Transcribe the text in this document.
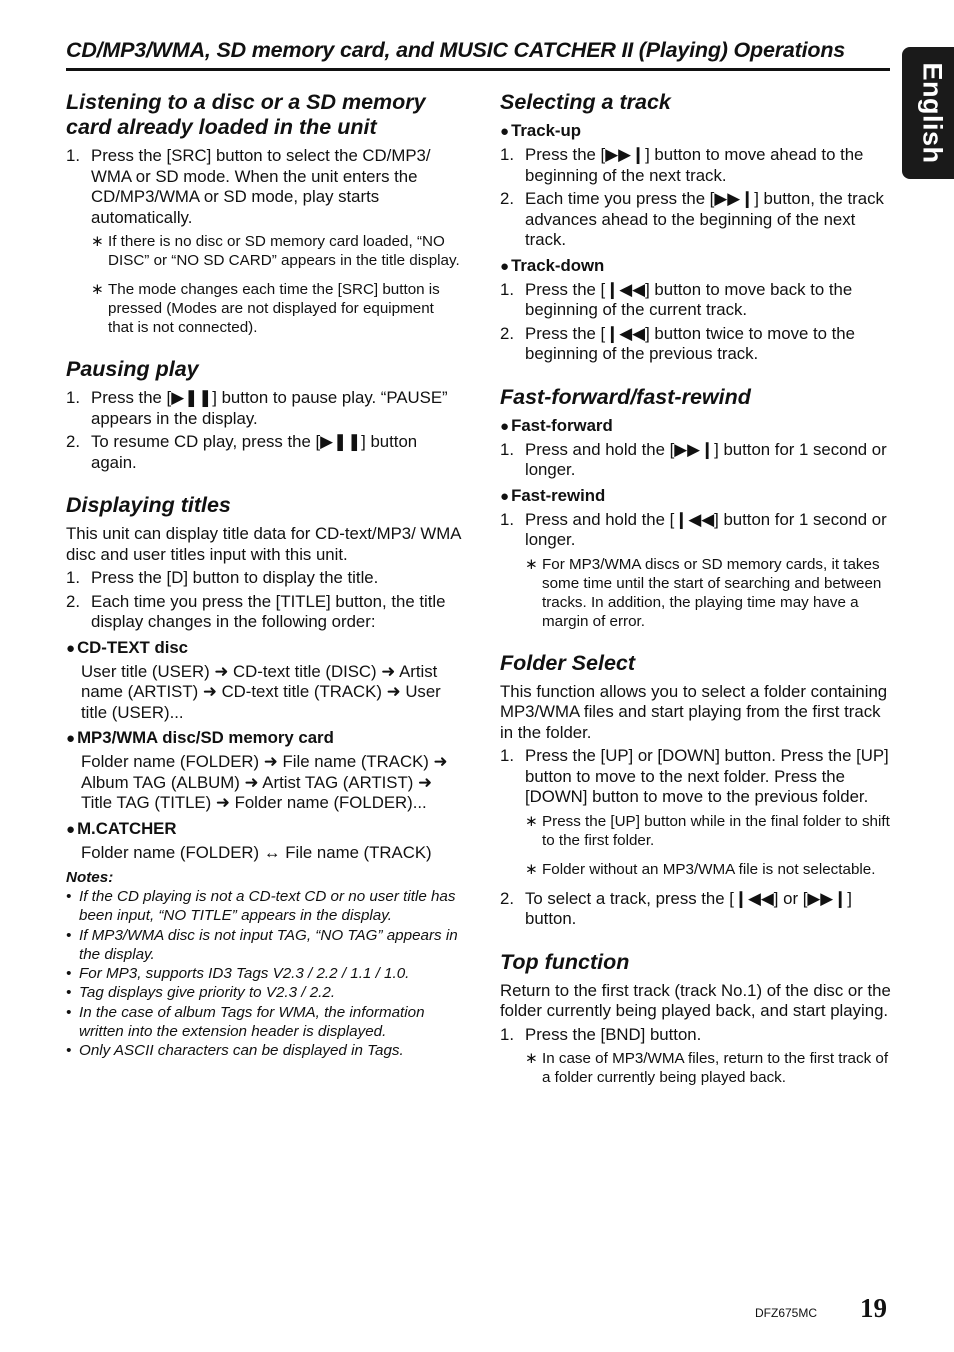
CD/MP3/WMA, SD memory card, and MUSIC CATCHER II (Playing) Operations
English
Listening to a disc or a SD memory card already loaded in the unit
1. Press the [SRC] button to select the CD/MP3/ WMA or SD mode. When the unit enters the CD/MP3/WMA or SD mode, play starts automatically.
∗ If there is no disc or SD memory card loaded, “NO DISC” or “NO SD CARD” appears in the title display.
∗ The mode changes each time the [SRC] button is pressed (Modes are not displayed for equipment that is not connected).
Pausing play
1. Press the [▶❚❚] button to pause play. “PAUSE” appears in the display.
2. To resume CD play, press the [▶❚❚] button again.
Displaying titles
This unit can display title data for CD-text/MP3/ WMA disc and user titles input with this unit.
1. Press the [D] button to display the title.
2. Each time you press the [TITLE] button, the title display changes in the following order:
● CD-TEXT disc
User title (USER) ➜ CD-text title (DISC) ➜ Artist name (ARTIST) ➜ CD-text title (TRACK) ➜ User title (USER)...
● MP3/WMA disc/SD memory card
Folder name (FOLDER) ➜ File name (TRACK) ➜ Album TAG (ALBUM) ➜ Artist TAG (ARTIST) ➜ Title TAG (TITLE) ➜ Folder name (FOLDER)...
● M.CATCHER
Folder name (FOLDER) ↔ File name (TRACK)
Notes:
• If the CD playing is not a CD-text CD or no user title has been input, “NO TITLE” appears in the display.
• If MP3/WMA disc is not input TAG, “NO TAG” appears in the display.
• For MP3, supports ID3 Tags V2.3 / 2.2 / 1.1 / 1.0.
• Tag displays give priority to V2.3 / 2.2.
• In the case of album Tags for WMA, the information written into the extension header is displayed.
• Only ASCII characters can be displayed in Tags.
Selecting a track
● Track-up
1. Press the [▶▶❙] button to move ahead to the beginning of the next track.
2. Each time you press the [▶▶❙] button, the track advances ahead to the beginning of the next track.
● Track-down
1. Press the [❙◀◀] button to move back to the beginning of the current track.
2. Press the [❙◀◀] button twice to move to the beginning of the previous track.
Fast-forward/fast-rewind
● Fast-forward
1. Press and hold the [▶▶❙] button for 1 second or longer.
● Fast-rewind
1. Press and hold the [❙◀◀] button for 1 second or longer.
∗ For MP3/WMA discs or SD memory cards, it takes some time until the start of searching and between tracks. In addition, the playing time may have a margin of error.
Folder Select
This function allows you to select a folder containing MP3/WMA files and start playing from the first track in the folder.
1. Press the [UP] or [DOWN] button. Press the [UP] button to move to the next folder. Press the [DOWN] button to move to the previous folder.
∗ Press the [UP] button while in the final folder to shift to the first folder.
∗ Folder without an MP3/WMA file is not selectable.
2. To select a track, press the [❙◀◀] or [▶▶❙] button.
Top function
Return to the first track (track No.1) of the disc or the folder currently being played back, and start playing.
1. Press the [BND] button.
∗ In case of MP3/WMA files, return to the first track of a folder currently being played back.
DFZ675MC 19
